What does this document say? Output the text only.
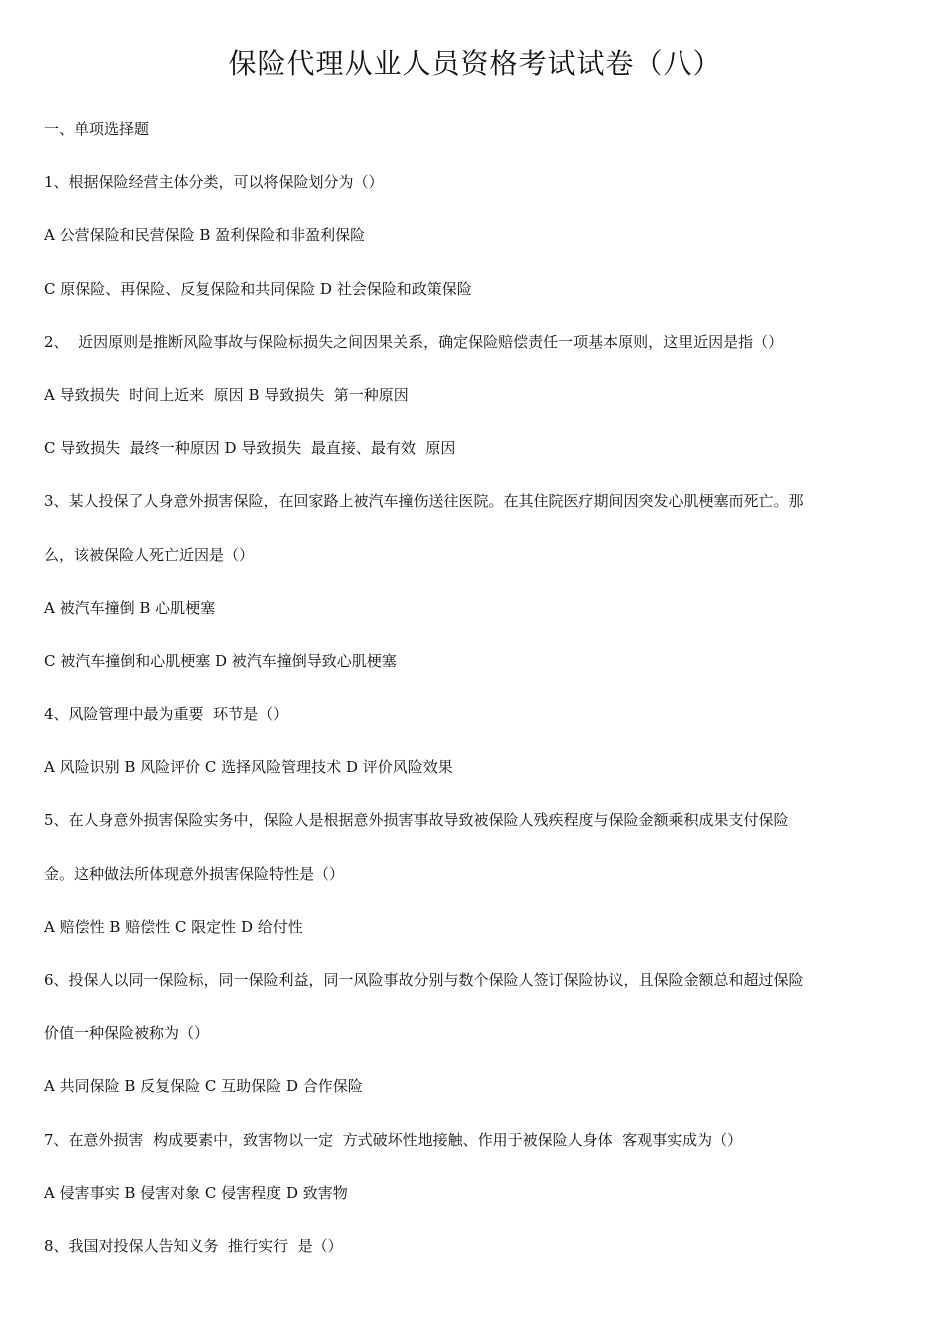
保险代理从业人员资格考试试卷（八）

一、单项选择题

1、根据保险经营主体分类，可以将保险划分为（）

A 公营保险和民营保险 B 盈利保险和非盈利保险

C 原保险、再保险、反复保险和共同保险 D 社会保险和政策保险

2、  近因原则是推断风险事故与保险标损失之间因果关系，确定保险赔偿责任一项基本原则，这里近因是指（）

A 导致损失  时间上近来  原因 B 导致损失  第一种原因

C 导致损失  最终一种原因 D 导致损失  最直接、最有效  原因

3、某人投保了人身意外损害保险，在回家路上被汽车撞伤送往医院。在其住院医疗期间因突发心肌梗塞而死亡。那

么，该被保险人死亡近因是（）

A 被汽车撞倒 B 心肌梗塞

C 被汽车撞倒和心肌梗塞 D 被汽车撞倒导致心肌梗塞

4、风险管理中最为重要  环节是（）

A 风险识别 B 风险评价 C 选择风险管理技术 D 评价风险效果

5、在人身意外损害保险实务中，保险人是根据意外损害事故导致被保险人残疾程度与保险金额乘积成果支付保险

金。这种做法所体现意外损害保险特性是（）

A 赔偿性 B 赔偿性 C 限定性 D 给付性

6、投保人以同一保险标，同一保险利益，同一风险事故分别与数个保险人签订保险协议，且保险金额总和超过保险

价值一种保险被称为（）

A 共同保险 B 反复保险 C 互助保险 D 合作保险

7、在意外损害  构成要素中，致害物以一定  方式破坏性地接触、作用于被保险人身体  客观事实成为（）

A 侵害事实 B 侵害对象 C 侵害程度 D 致害物

8、我国对投保人告知义务  推行实行  是（）
